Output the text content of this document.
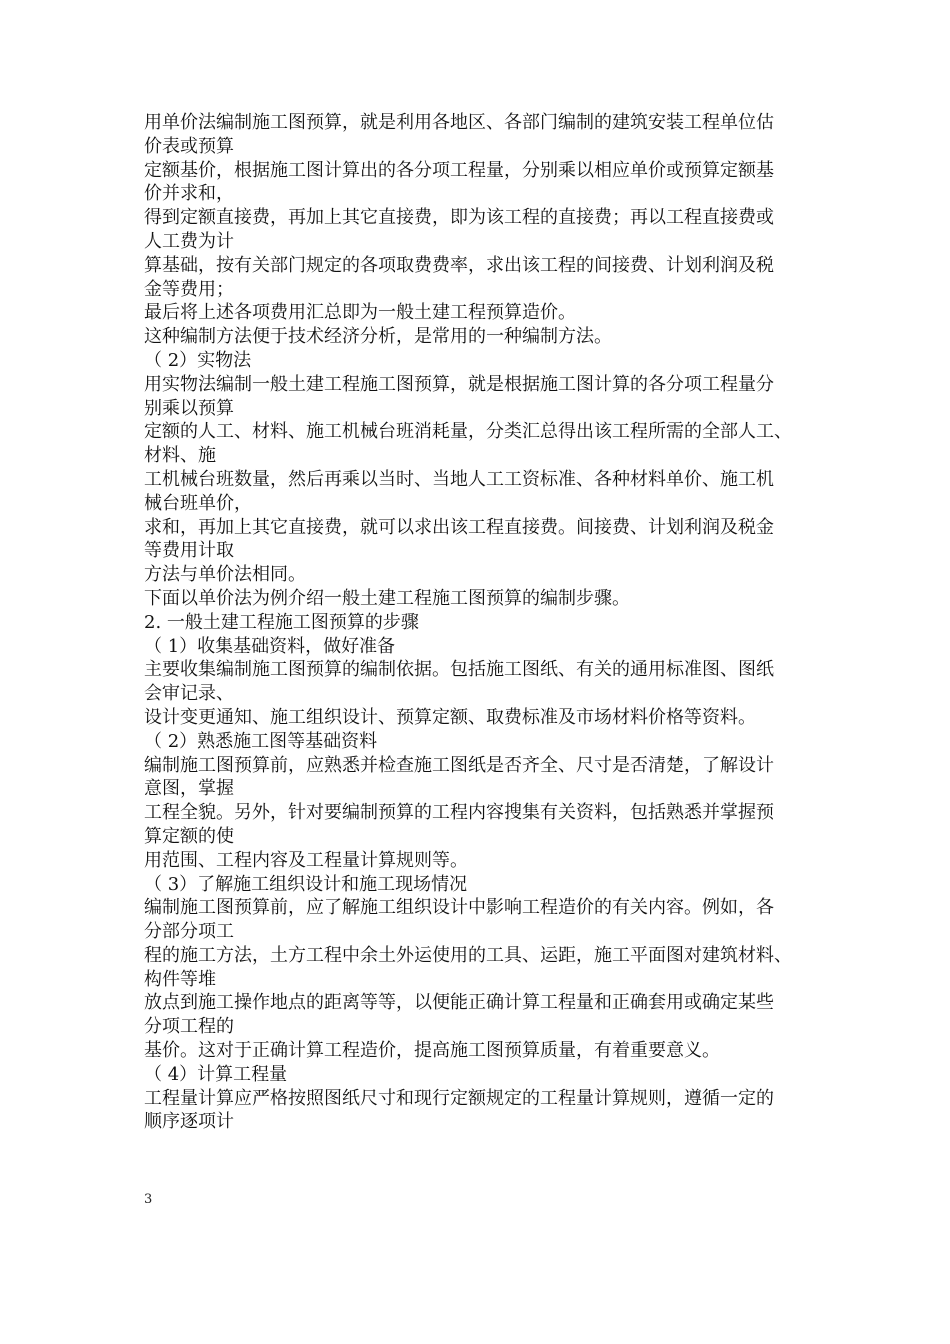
用单价法编制施工图预算，就是利用各地区、各部门编制的建筑安装工程单位估
价表或预算
定额基价，根据施工图计算出的各分项工程量，分别乘以相应单价或预算定额基
价并求和，
得到定额直接费，再加上其它直接费，即为该工程的直接费；再以工程直接费或
人工费为计
算基础，按有关部门规定的各项取费费率，求出该工程的间接费、计划利润及税
金等费用；
最后将上述各项费用汇总即为一般土建工程预算造价。
这种编制方法便于技术经济分析，是常用的一种编制方法。
（ 2）实物法
用实物法编制一般土建工程施工图预算，就是根据施工图计算的各分项工程量分
别乘以预算
定额的人工、材料、施工机械台班消耗量，分类汇总得出该工程所需的全部人工、
材料、施
工机械台班数量，然后再乘以当时、当地人工工资标准、各种材料单价、施工机
械台班单价，
求和，再加上其它直接费，就可以求出该工程直接费。间接费、计划利润及税金
等费用计取
方法与单价法相同。
下面以单价法为例介绍一般土建工程施工图预算的编制步骤。
2. 一般土建工程施工图预算的步骤
（ 1）收集基础资料，做好准备
主要收集编制施工图预算的编制依据。包括施工图纸、有关的通用标准图、图纸
会审记录、
设计变更通知、施工组织设计、预算定额、取费标准及市场材料价格等资料。
（ 2）熟悉施工图等基础资料
编制施工图预算前，应熟悉并检查施工图纸是否齐全、尺寸是否清楚，了解设计
意图，掌握
工程全貌。另外，针对要编制预算的工程内容搜集有关资料，包括熟悉并掌握预
算定额的使
用范围、工程内容及工程量计算规则等。
（ 3）了解施工组织设计和施工现场情况
编制施工图预算前，应了解施工组织设计中影响工程造价的有关内容。例如，各
分部分项工
程的施工方法，土方工程中余土外运使用的工具、运距，施工平面图对建筑材料、
构件等堆
放点到施工操作地点的距离等等，以便能正确计算工程量和正确套用或确定某些
分项工程的
基价。这对于正确计算工程造价，提高施工图预算质量，有着重要意义。
（ 4）计算工程量
工程量计算应严格按照图纸尺寸和现行定额规定的工程量计算规则，遵循一定的
顺序逐项计
3
